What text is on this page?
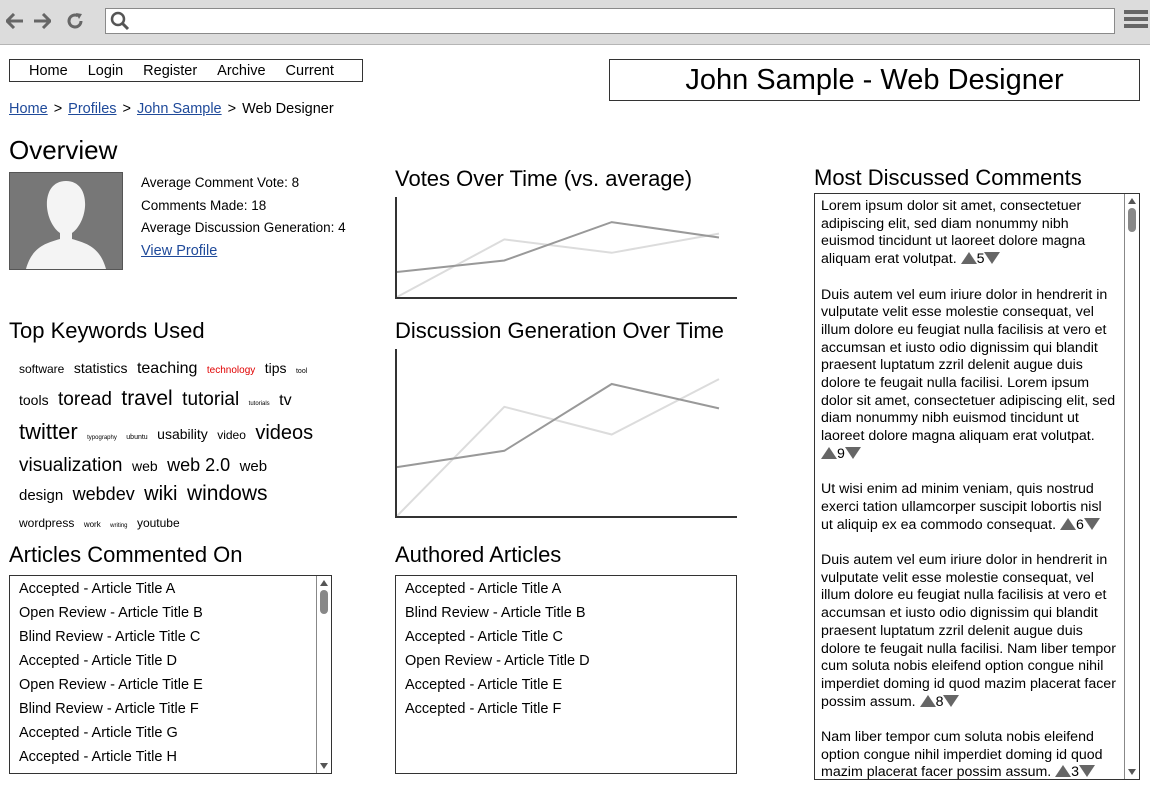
Home Login Register Archive Current	John Sample - Web Designer
Home > Profiles > John Sample > Web Designer
Overview
Average Comment Vote: 8
Comments Made: 18
Average Discussion Generation: 4
View Profile
Top Keywords Used
software statistics teaching technology tips tool tools toread travel tutorial tutorials tv twitter typography ubuntu usability video videos visualization web web 2.0 web design webdev wiki windows wordpress work writing youtube
Votes Over Time (vs. average)
Discussion Generation Over Time
Articles Commented On
Accepted - Article Title A
Open Review - Article Title B
Blind Review - Article Title C
Accepted - Article Title D
Open Review - Article Title E
Blind Review - Article Title F
Accepted - Article Title G
Accepted - Article Title H
Authored Articles
Accepted - Article Title A
Blind Review - Article Title B
Accepted - Article Title C
Open Review - Article Title D
Accepted - Article Title E
Accepted - Article Title F
Most Discussed Comments
Lorem ipsum dolor sit amet, consectetuer adipiscing elit, sed diam nonummy nibh euismod tincidunt ut laoreet dolore magna aliquam erat volutpat. 5
Duis autem vel eum iriure dolor in hendrerit in vulputate velit esse molestie consequat, vel illum dolore eu feugiat nulla facilisis at vero et accumsan et iusto odio dignissim qui blandit praesent luptatum zzril delenit augue duis dolore te feugait nulla facilisi. Lorem ipsum dolor sit amet, consectetuer adipiscing elit, sed diam nonummy nibh euismod tincidunt ut laoreet dolore magna aliquam erat volutpat. 9
Ut wisi enim ad minim veniam, quis nostrud exerci tation ullamcorper suscipit lobortis nisl ut aliquip ex ea commodo consequat. 6
Duis autem vel eum iriure dolor in hendrerit in vulputate velit esse molestie consequat, vel illum dolore eu feugiat nulla facilisis at vero et accumsan et iusto odio dignissim qui blandit praesent luptatum zzril delenit augue duis dolore te feugait nulla facilisi. Nam liber tempor cum soluta nobis eleifend option congue nihil imperdiet doming id quod mazim placerat facer possim assum. 8
Nam liber tempor cum soluta nobis eleifend option congue nihil imperdiet doming id quod mazim placerat facer possim assum. 3
